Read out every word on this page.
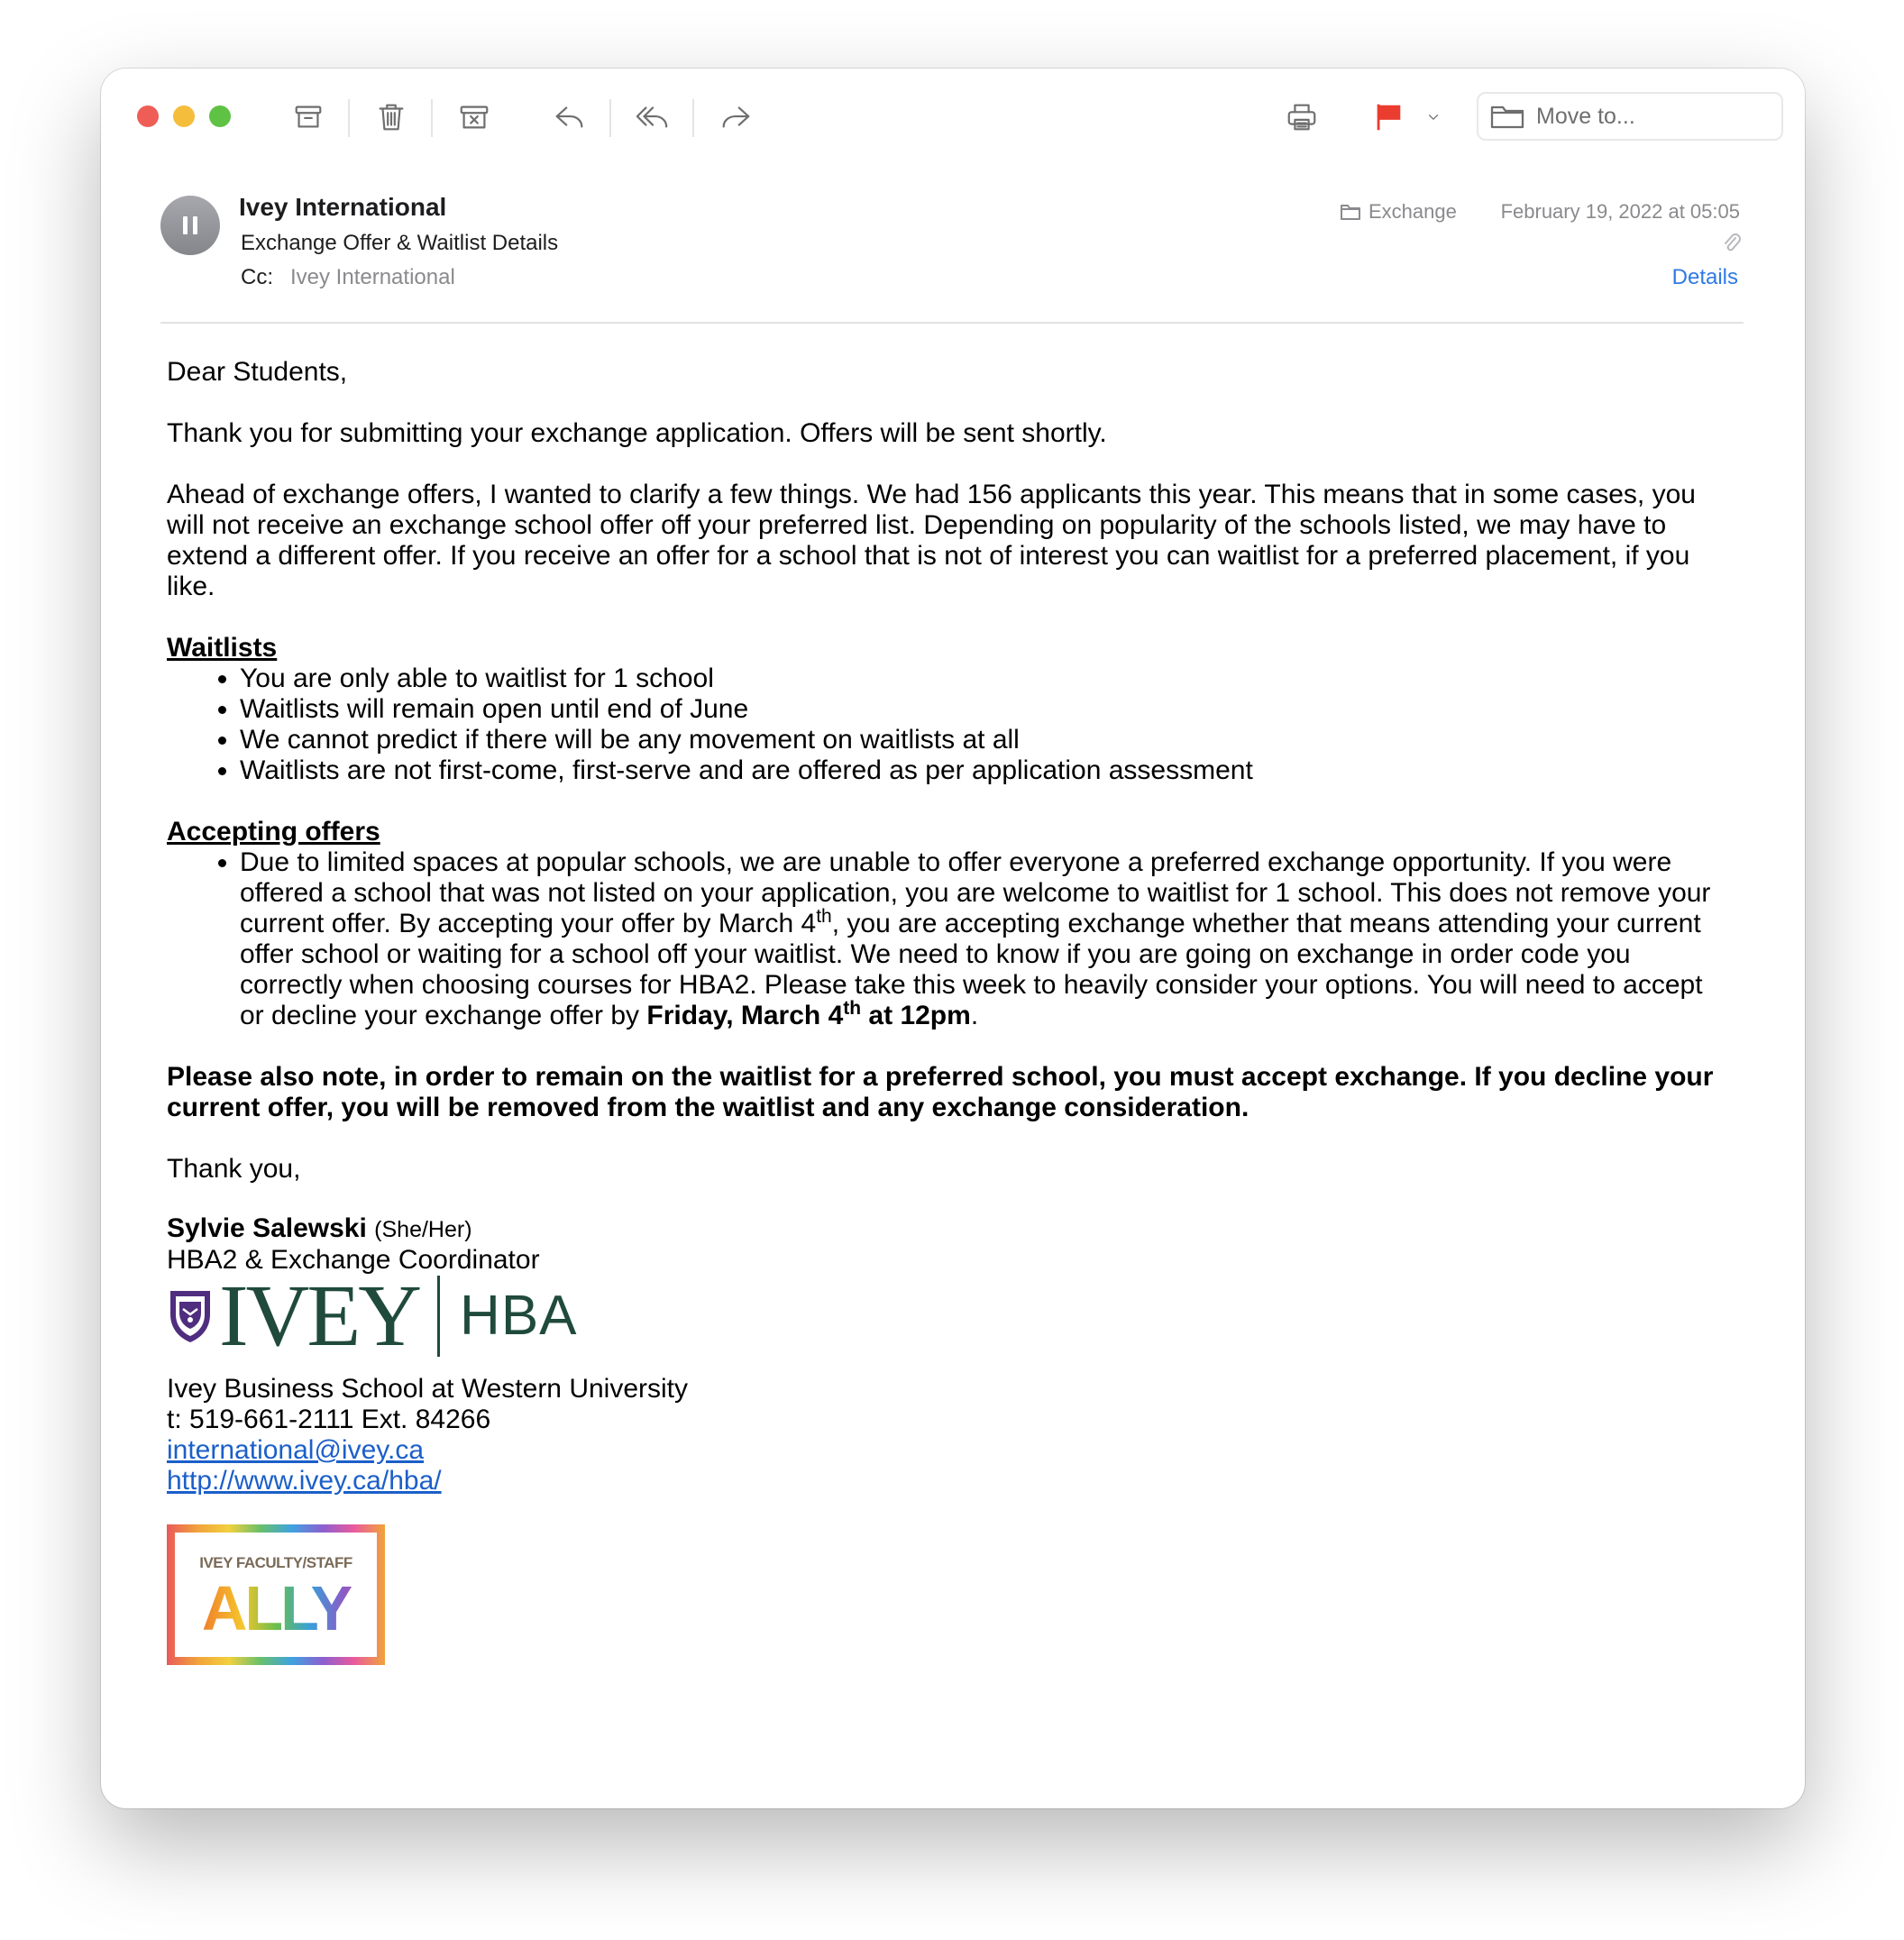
Move to...
Ivey International
Exchange Offer & Waitlist Details
Cc: Ivey International
Exchange February 19, 2022 at 05:05
Details

Dear Students,

Thank you for submitting your exchange application. Offers will be sent shortly.

Ahead of exchange offers, I wanted to clarify a few things. We had 156 applicants this year. This means that in some cases, you will not receive an exchange school offer off your preferred list. Depending on popularity of the schools listed, we may have to extend a different offer. If you receive an offer for a school that is not of interest you can waitlist for a preferred placement, if you like.

Waitlists
• You are only able to waitlist for 1 school
• Waitlists will remain open until end of June
• We cannot predict if there will be any movement on waitlists at all
• Waitlists are not first-come, first-serve and are offered as per application assessment
Accepting offers
• Due to limited spaces at popular schools, we are unable to offer everyone a preferred exchange opportunity. If you were offered a school that was not listed on your application, you are welcome to waitlist for 1 school. This does not remove your current offer. By accepting your offer by March 4th, you are accepting exchange whether that means attending your current offer school or waiting for a school off your waitlist. We need to know if you are going on exchange in order code you correctly when choosing courses for HBA2. Please take this week to heavily consider your options. You will need to accept or decline your exchange offer by Friday, March 4th at 12pm.

Please also note, in order to remain on the waitlist for a preferred school, you must accept exchange. If you decline your current offer, you will be removed from the waitlist and any exchange consideration.

Thank you,

Sylvie Salewski (She/Her)
HBA2 & Exchange Coordinator
IVEY HBA
Ivey Business School at Western University
t: 519-661-2111 Ext. 84266
international@ivey.ca
http://www.ivey.ca/hba/
IVEY FACULTY/STAFF
ALLY
